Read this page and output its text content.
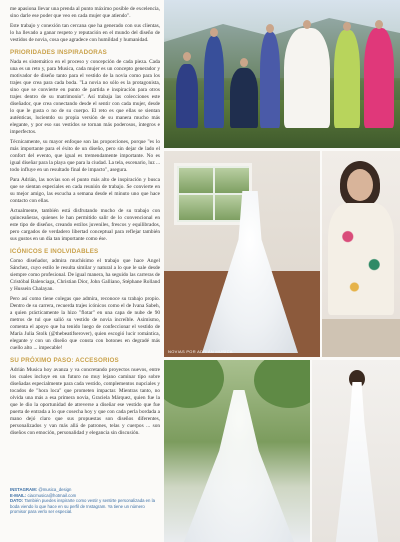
me apasiona llevar una prenda al punto máximo posible de excelencia, sino darle ese poder que veo en cada mujer que atiendo".

Este trabajo y conexión tan cercana que ha generado con sus clientas, lo ha llevado a ganar respeto y reputación en el mundo del diseño de vestidos de novia, cosa que agradece con humildad y humanidad.

PRIORIDADES INSPIRADORAS

Nada es sistemático en el proceso y concepción de cada pieza. Cada una es un reto y, para Musica, cada mujer es un concepto generador y motivador de diseño tanto para el vestido de la novia como para los trajes que crea para cada boda. "La novia no sólo es la protagonista, sino que se convierte en punto de partida e inspiración para otros trajes dentro de su matrimonio". Así trabaja las colecciones este diseñador, que crea conectando desde el sentir con cada mujer, desde lo que le gusta o no de su cuerpo. El reto es que ellas se sientan auténticas, lucientdo su propia versión de su manera mucho más elegante, y por eso sus vestidos se tornan más poderosos, íntegros e imperfectos.

Técnicamente, su mayor enfoque son las proporciones, porque "es lo más importante para el éxito de un diseño, pero sin dejar de lado el confort del evento, que igual es tremendamente importante. No es igual diseñar para la playa que para la ciudad. La tela, escenario, luz ... todo influye en un resultado final de impacto", asegura.

Para Adrián, las novias son el punto más alto de inspiración y busca que se sientan especiales en cada reunión de trabajo. Se convierte en su mejor amigo, las escucha a semana desde el minuto uno que hace contacto con ellas.

Actualmente, también está disfrutando mucho de su trabajo con quinceañeras, quienes le han permitido salir de lo convencional en este tipo de diseños, creando estilos juveniles, frescos y equilibrados, pero cargados de verdadero libertad conceptual para reflejar también sus gustos en un día tan importante como ése.

ICÓNICOS E INOLVIDABLES

Como diseñador, admira muchísimo el trabajo que hace Angel Sánchez, cuyo estilo le resulta similar y natural a lo que le sale desde siempre como profesional. De igual manera, ha seguido las carreras de Cristóbal Balenciaga, Christian Dior, John Galliano, Stéphane Rolland y Hussein Chalayan.

Pero así como tiene colegas que admira, reconoce su trabajo propio. Dentro de su carrera, recuerda trajes icónicos como el de Ivana Sabeh, a quien prácticamente la hizo "flotar" en una capa de nube de 90 metros de tul que salió su vestido de novia increíble. Asimismo, comenta el apoyo que ha tenido luego de confeccionar el vestido de María Julia Stolk (@thebeatifserover), quien escogió lucir romántica, elegante y con un diseño que consta con botones en degradé más cuello alto ... impecable!

SU PRÓXIMO PASO: ACCESORIOS

Adrián Musica hoy avanza y va concretando proyectos nuevos, entre los cuales incluye en un futuro no muy lejano caminar tipo sobre diseñadas especialmente para cada vestido, complementos nupciales y tocados de "hora loca" que prometen impactar. Mientras tanto, no olvida una más a esa primera novia, Graciela Márquez, quien fue la que le dio la oportunidad de atreverse a diseñar ese vestido que fue puerta de entrada a lo que cosecha hoy y que con cada perla bordada a mano dejó claro que sus propuestas son diseños diferentes, personalizados y van más allá de patrones, telas y cuerpos ... son diseños con emoción, personalidad y elegancia sin discusión.

INSTAGRAM: @musica_design

E-MAIL: ciacmusica@hotmail.com

DATO: También puedes inspirarte como vestir y sentirte personalizada en la boda viendo lo que hace en su perfil de Instagram. Ya tiene un número promisor para verlo ser especial.

NOVIAS POR ADRIÁN MUSICA
